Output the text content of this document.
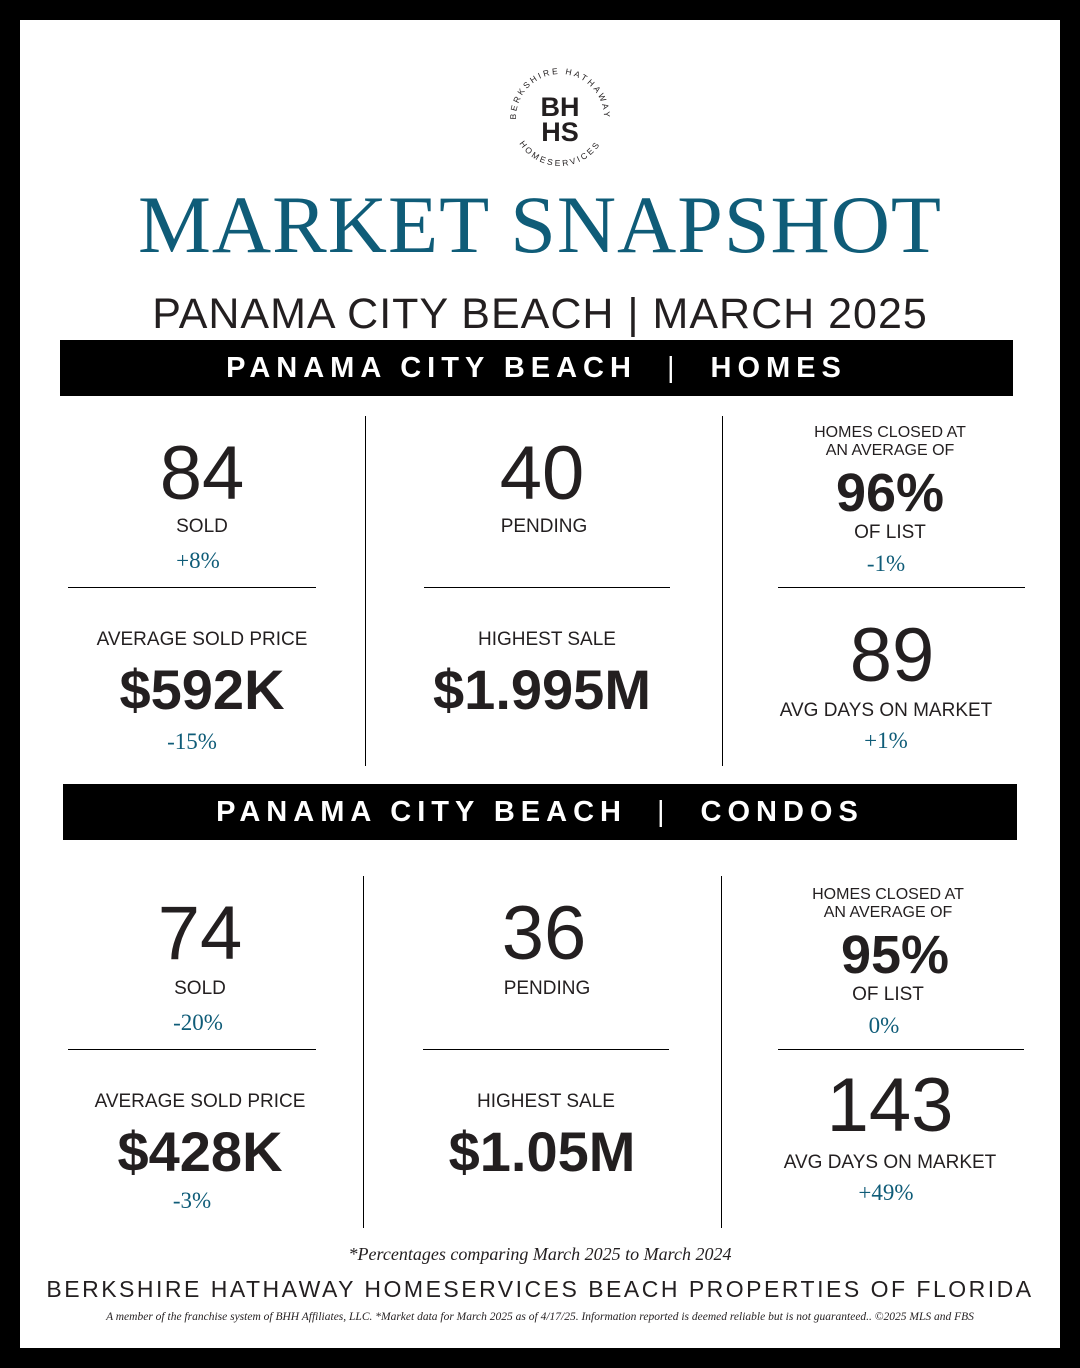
BERKSHIRE HATHAWAY
HOMESERVICES
BH
HS
MARKET SNAPSHOT
PANAMA CITY BEACH | MARCH 2025
PANAMA CITY BEACH | HOMES
84
SOLD
+8%
40
PENDING
HOMES CLOSED AT
AN AVERAGE OF
96%
OF LIST
-1%
AVERAGE SOLD PRICE
$592K
-15%
HIGHEST SALE
$1.995M	89
AVG DAYS ON MARKET
+1%
PANAMA CITY BEACH | CONDOS
74
SOLD
-20%
36
PENDING
HOMES CLOSED AT
AN AVERAGE OF
95%
OF LIST
0%
AVERAGE SOLD PRICE
$428K
-3%
HIGHEST SALE
$1.05M
143
AVG DAYS ON MARKET
+49%
*Percentages comparing March 2025 to March 2024
BERKSHIRE HATHAWAY HOMESERVICES BEACH PROPERTIES OF FLORIDA
A member of the franchise system of BHH Affiliates, LLC. *Market data for March 2025 as of 4/17/25. Information reported is deemed reliable but is not guaranteed.. ©2025 MLS and FBS
